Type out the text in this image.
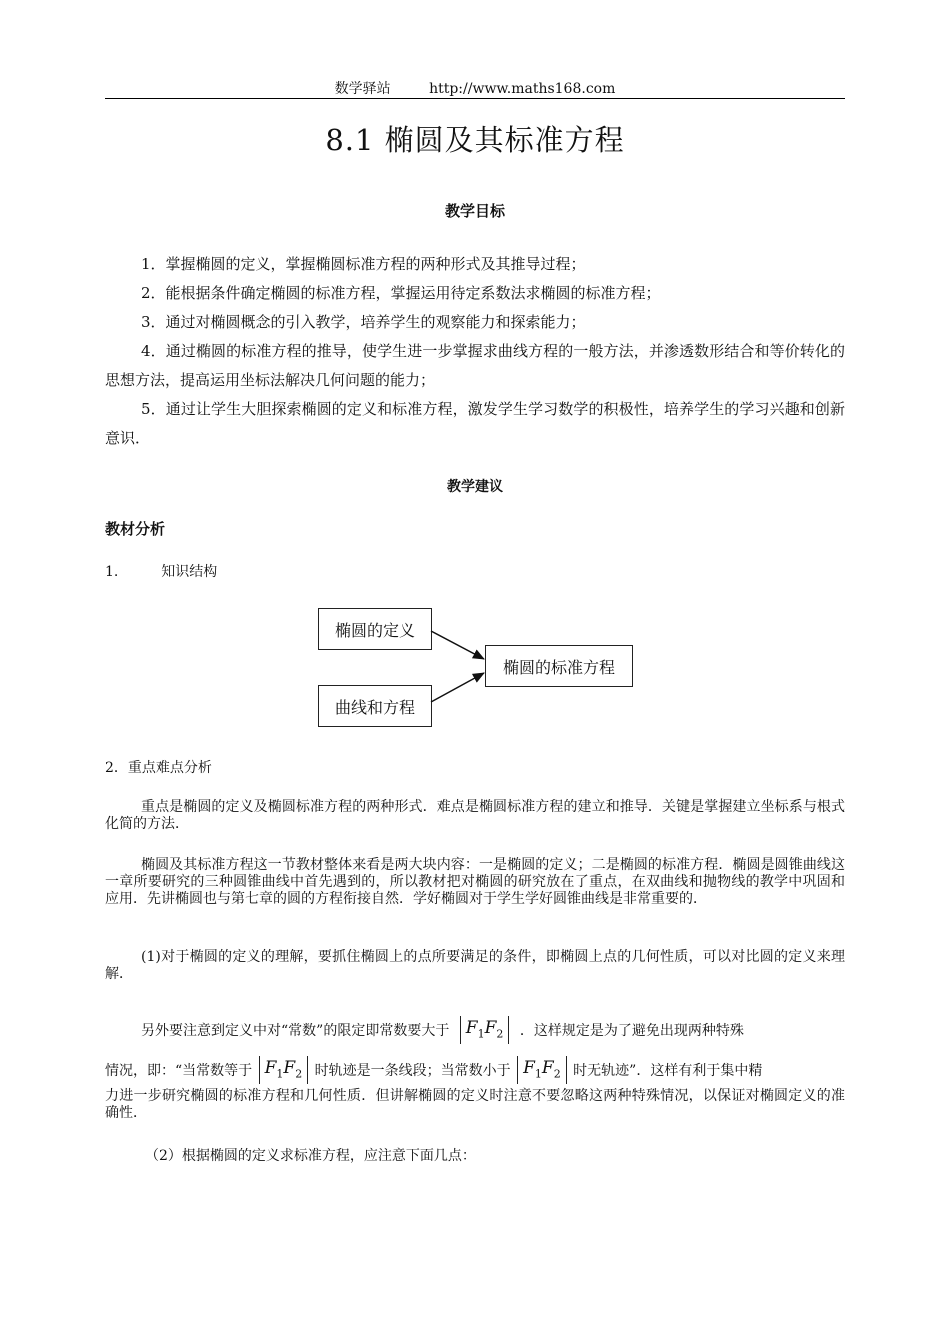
数学驿站	http://www.maths168.com
8.1 椭圆及其标准方程
教学目标
1．掌握椭圆的定义，掌握椭圆标准方程的两种形式及其推导过程；
2．能根据条件确定椭圆的标准方程，掌握运用待定系数法求椭圆的标准方程；
3．通过对椭圆概念的引入教学，培养学生的观察能力和探索能力；
4．通过椭圆的标准方程的推导，使学生进一步掌握求曲线方程的一般方法，并渗透数形结合和等价转化的思想方法，提高运用坐标法解决几何问题的能力；
5．通过让学生大胆探索椭圆的定义和标准方程，激发学生学习数学的积极性，培养学生的学习兴趣和创新意识．
教学建议
教材分析
1.	知识结构
椭圆的定义
曲线和方程
椭圆的标准方程
2．重点难点分析
重点是椭圆的定义及椭圆标准方程的两种形式．难点是椭圆标准方程的建立和推导．关键是掌握建立坐标系与根式化简的方法．
椭圆及其标准方程这一节教材整体来看是两大块内容：一是椭圆的定义；二是椭圆的标准方程．椭圆是圆锥曲线这一章所要研究的三种圆锥曲线中首先遇到的，所以教材把对椭圆的研究放在了重点，在双曲线和抛物线的教学中巩固和应用．先讲椭圆也与第七章的圆的方程衔接自然．学好椭圆对于学生学好圆锥曲线是非常重要的．
(1)对于椭圆的定义的理解，要抓住椭圆上的点所要满足的条件，即椭圆上点的几何性质，可以对比圆的定义来理解．
另外要注意到定义中对“常数”的限定即常数要大于 $F_1F_2$ ．这样规定是为了避免出现两种特殊
情况，即：“当常数等于 $F_1F_2$ 时轨迹是一条线段；当常数小于 $F_1F_2$ 时无轨迹”．这样有利于集中精
力进一步研究椭圆的标准方程和几何性质．但讲解椭圆的定义时注意不要忽略这两种特殊情况，以保证对椭圆定义的准确性．
（2）根据椭圆的定义求标准方程，应注意下面几点：
